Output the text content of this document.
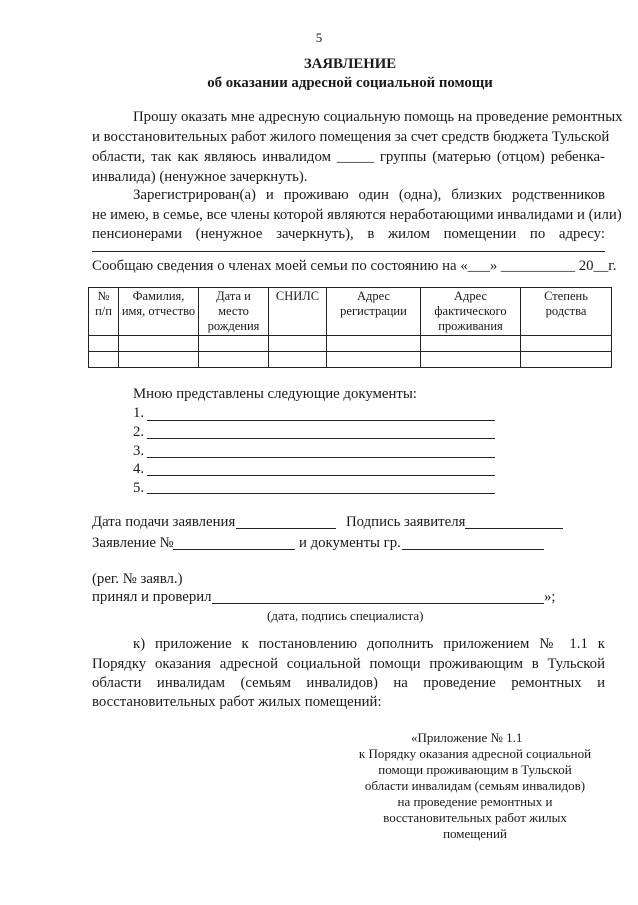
5
ЗАЯВЛЕНИЕ
об оказании адресной социальной помощи
Прошу оказать мне адресную социальную помощь на проведение ремонтных
и восстановительных работ жилого помещения за счет средств бюджета Тульской
области, так как являюсь инвалидом _____ группы (матерью (отцом) ребенка-
инвалида) (ненужное зачеркнуть).
Зарегистрирован(а) и проживаю один (одна), близких родственников
не имею, в семье, все члены которой являются неработающими инвалидами и (или)
пенсионерами (ненужное зачеркнуть), в жилом помещении по адресу:
Сообщаю сведения о членах моей семьи по состоянию на «___» __________ 20__г.
№ п/п	Фамилия, имя, отчество	Дата и место рождения	СНИЛС	Адрес регистрации	Адрес фактического проживания	Степень родства

Мною представлены следующие документы:
1.
2.
3.
4.
5.
Дата подачи заявления	Подпись заявителя
Заявление №	и документы гр.
(рег. № заявл.)
принял и проверил	»;
(дата, подпись специалиста)
к) приложение к постановлению дополнить приложением № 1.1 к
Порядку оказания адресной социальной помощи проживающим в Тульской
области инвалидам (семьям инвалидов) на проведение ремонтных и
восстановительных работ жилых помещений:
«Приложение № 1.1
к Порядку оказания адресной социальной
помощи проживающим в Тульской
области инвалидам (семьям инвалидов)
на проведение ремонтных и
восстановительных работ жилых
помещений
